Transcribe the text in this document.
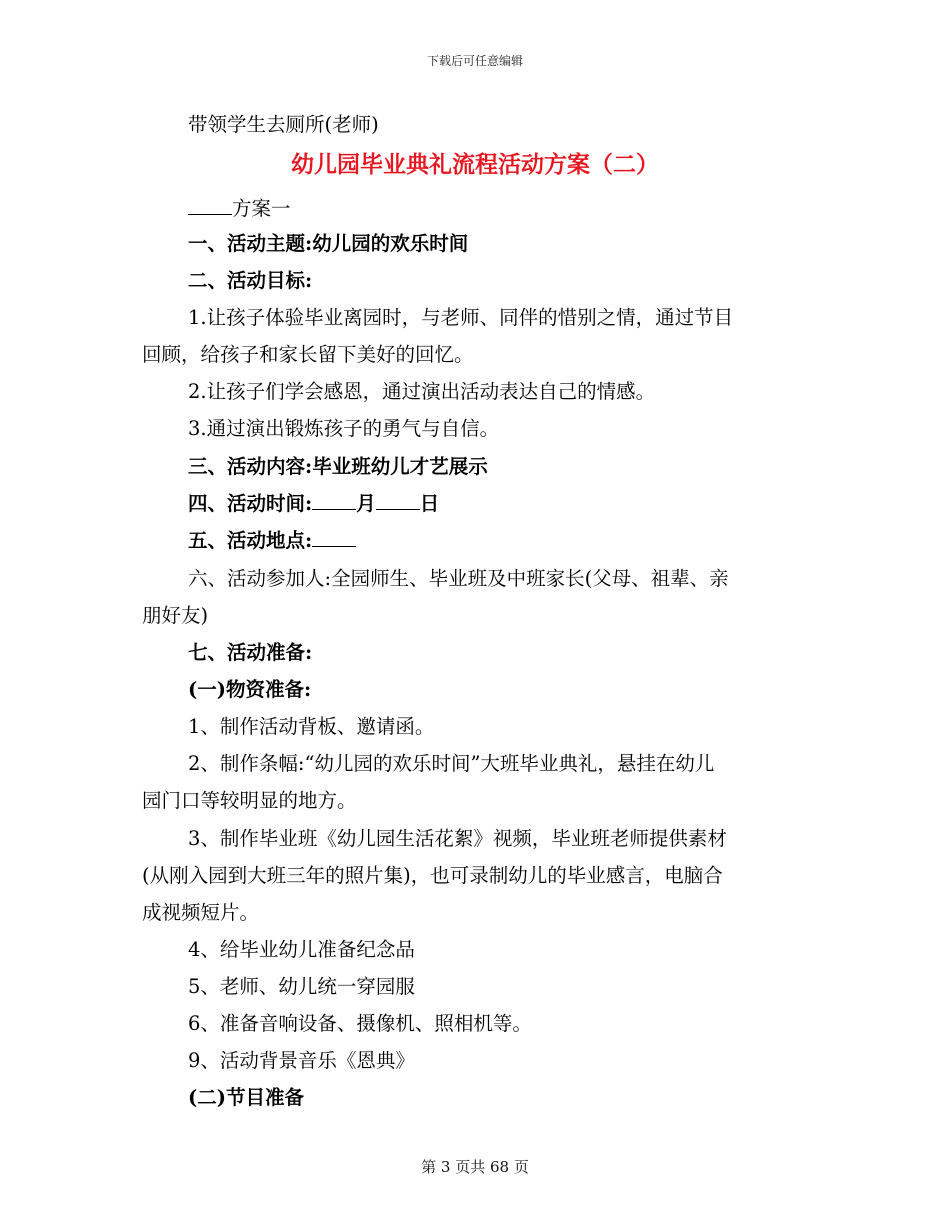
下载后可任意编辑
带领学生去厕所(老师)
幼儿园毕业典礼流程活动方案（二）
方案一
一、活动主题:幼儿园的欢乐时间
二、活动目标:
1.让孩子体验毕业离园时，与老师、同伴的惜别之情，通过节目
回顾，给孩子和家长留下美好的回忆。
2.让孩子们学会感恩，通过演出活动表达自己的情感。
3.通过演出锻炼孩子的勇气与自信。
三、活动内容:毕业班幼儿才艺展示
四、活动时间: 月 日
五、活动地点:
六、活动参加人:全园师生、毕业班及中班家长(父母、祖辈、亲
朋好友)
七、活动准备:
(一)物资准备:
1、制作活动背板、邀请函。
2、制作条幅:“幼儿园的欢乐时间”大班毕业典礼，悬挂在幼儿
园门口等较明显的地方。
3、制作毕业班《幼儿园生活花絮》视频，毕业班老师提供素材
(从刚入园到大班三年的照片集)，也可录制幼儿的毕业感言，电脑合
成视频短片。
4、给毕业幼儿准备纪念品
5、老师、幼儿统一穿园服
6、准备音响设备、摄像机、照相机等。
9、活动背景音乐《恩典》
(二)节目准备
第 3 页共 68 页
